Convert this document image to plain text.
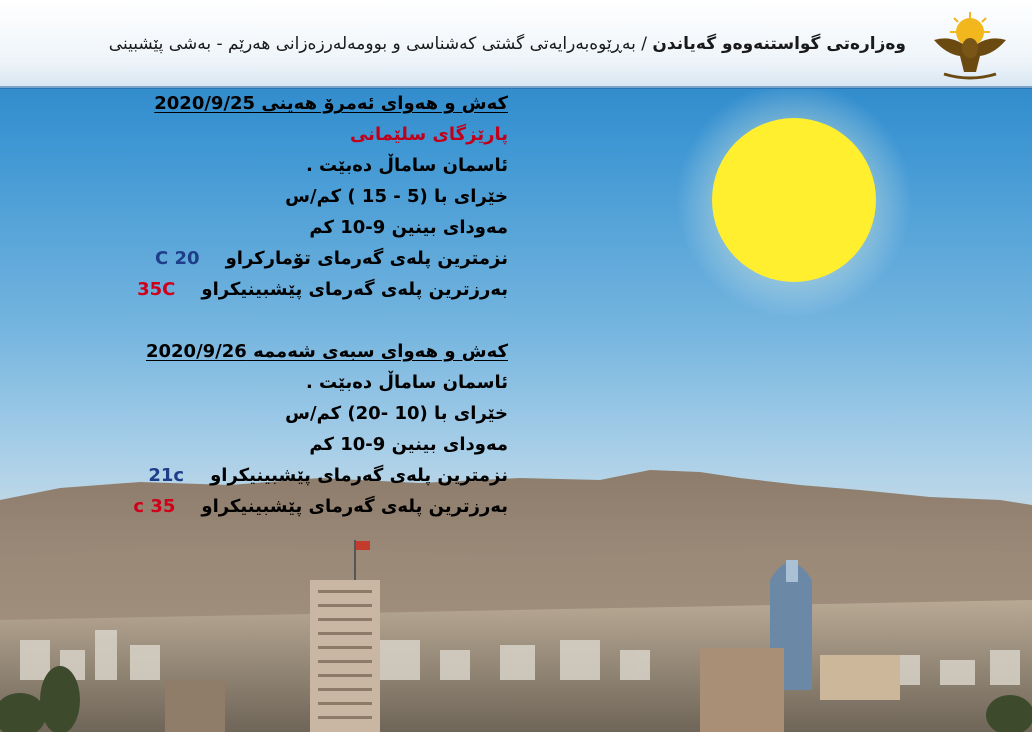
وەزارەتی گواستنەوەو گەیاندن / بەڕێوەبەرایەتی گشتی کەشناسی و بوومەلەرزەزانی هەرێم - بەشی پێشبینی
کەش و هەوای ئەمرۆ هەینی 2020/9/25
پارێزگای سلێمانی
ئاسمان ساماڵ دەبێت .
خێرای با (5 - 15 ) کم/س
مەودای بینین 9-10 کم
نزمترین پلەی گەرمای تۆمارکراو20 C
بەرزترین پلەی گەرمای پێشبینیکراو35C
کەش و هەوای سبەی شەممە 2020/9/26
ئاسمان ساماڵ دەبێت .
خێرای با (10 -20) کم/س
مەودای بینین 9-10 کم
نزمترین پلەی گەرمای پێشبینیکراو21c
بەرزترین پلەی گەرمای پێشبینیکراو35 c
